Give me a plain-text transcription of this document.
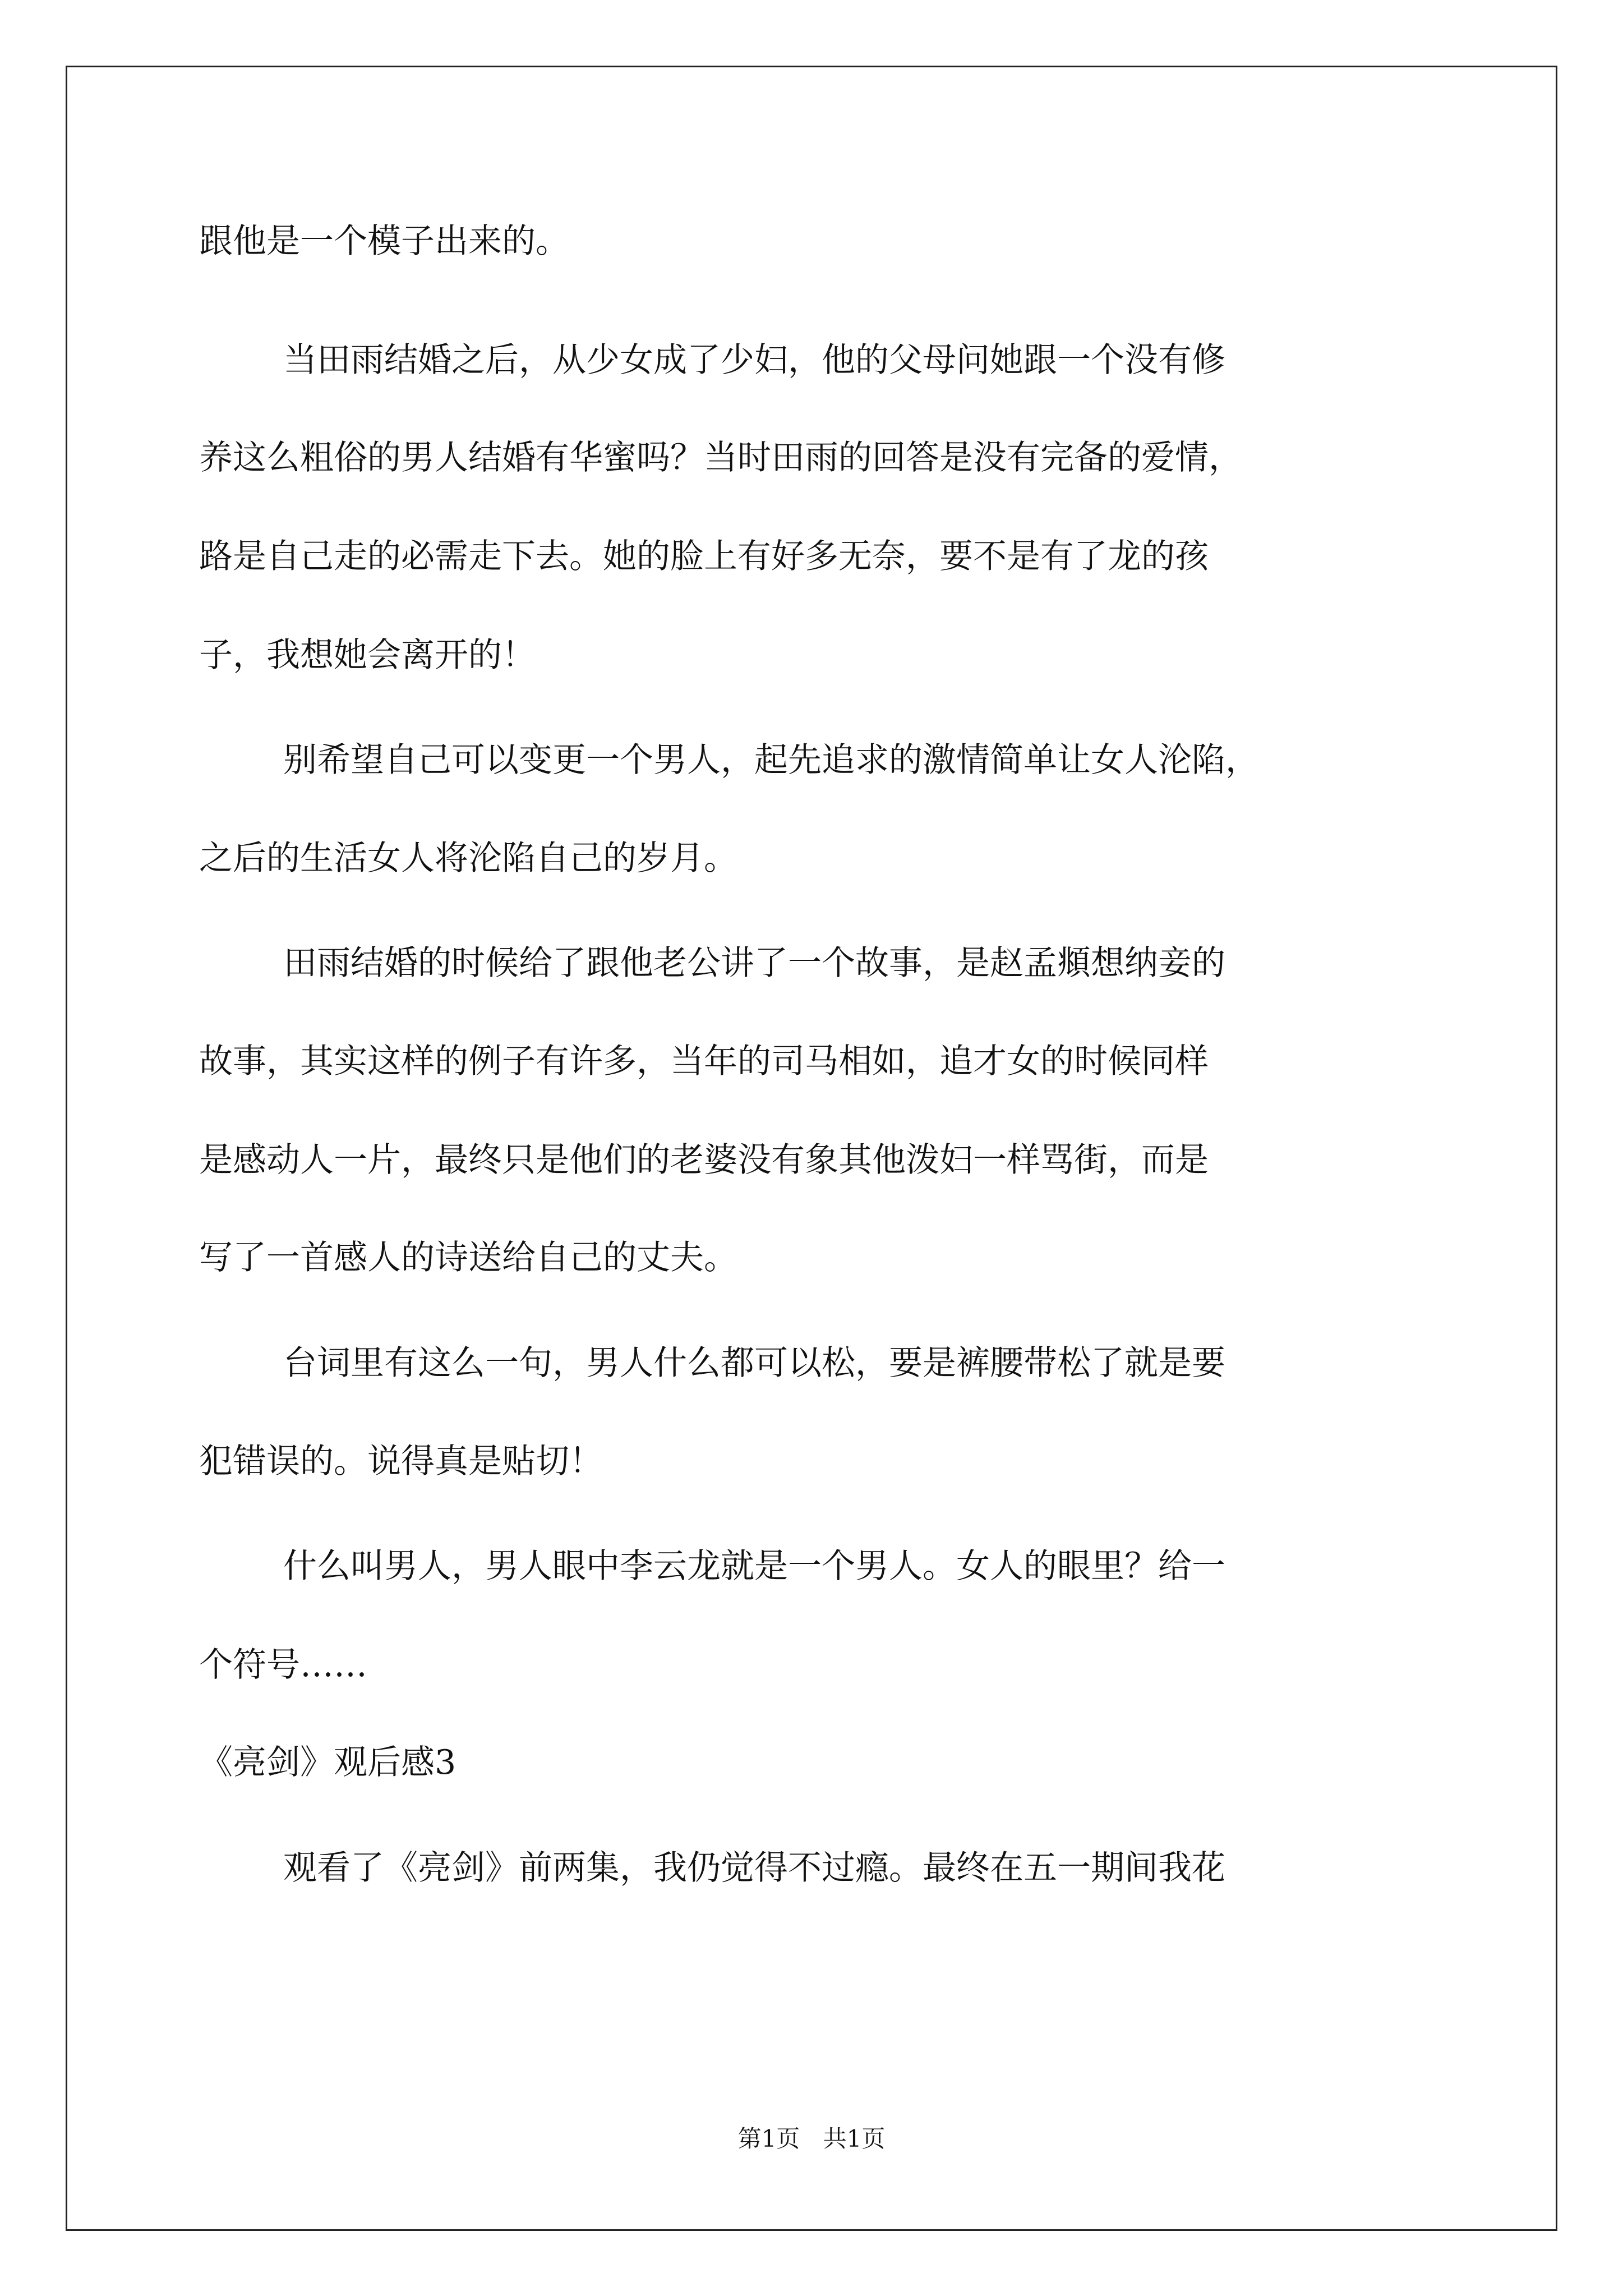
跟他是一个模子出来的。
当田雨结婚之后，从少女成了少妇，他的父母问她跟一个没有修
养这么粗俗的男人结婚有华蜜吗？当时田雨的回答是没有完备的爱情，
路是自己走的必需走下去。她的脸上有好多无奈，要不是有了龙的孩
子，我想她会离开的！
别希望自己可以变更一个男人，起先追求的激情简单让女人沦陷，
之后的生活女人将沦陷自己的岁月。
田雨结婚的时候给了跟他老公讲了一个故事，是赵孟頫想纳妾的
故事，其实这样的例子有许多，当年的司马相如，追才女的时候同样
是感动人一片，最终只是他们的老婆没有象其他泼妇一样骂街，而是
写了一首感人的诗送给自己的丈夫。
台词里有这么一句，男人什么都可以松，要是裤腰带松了就是要
犯错误的。说得真是贴切！
什么叫男人，男人眼中李云龙就是一个男人。女人的眼里？给一
个符号……
《亮剑》观后感3
观看了《亮剑》前两集，我仍觉得不过瘾。最终在五一期间我花
第1页 共1页
